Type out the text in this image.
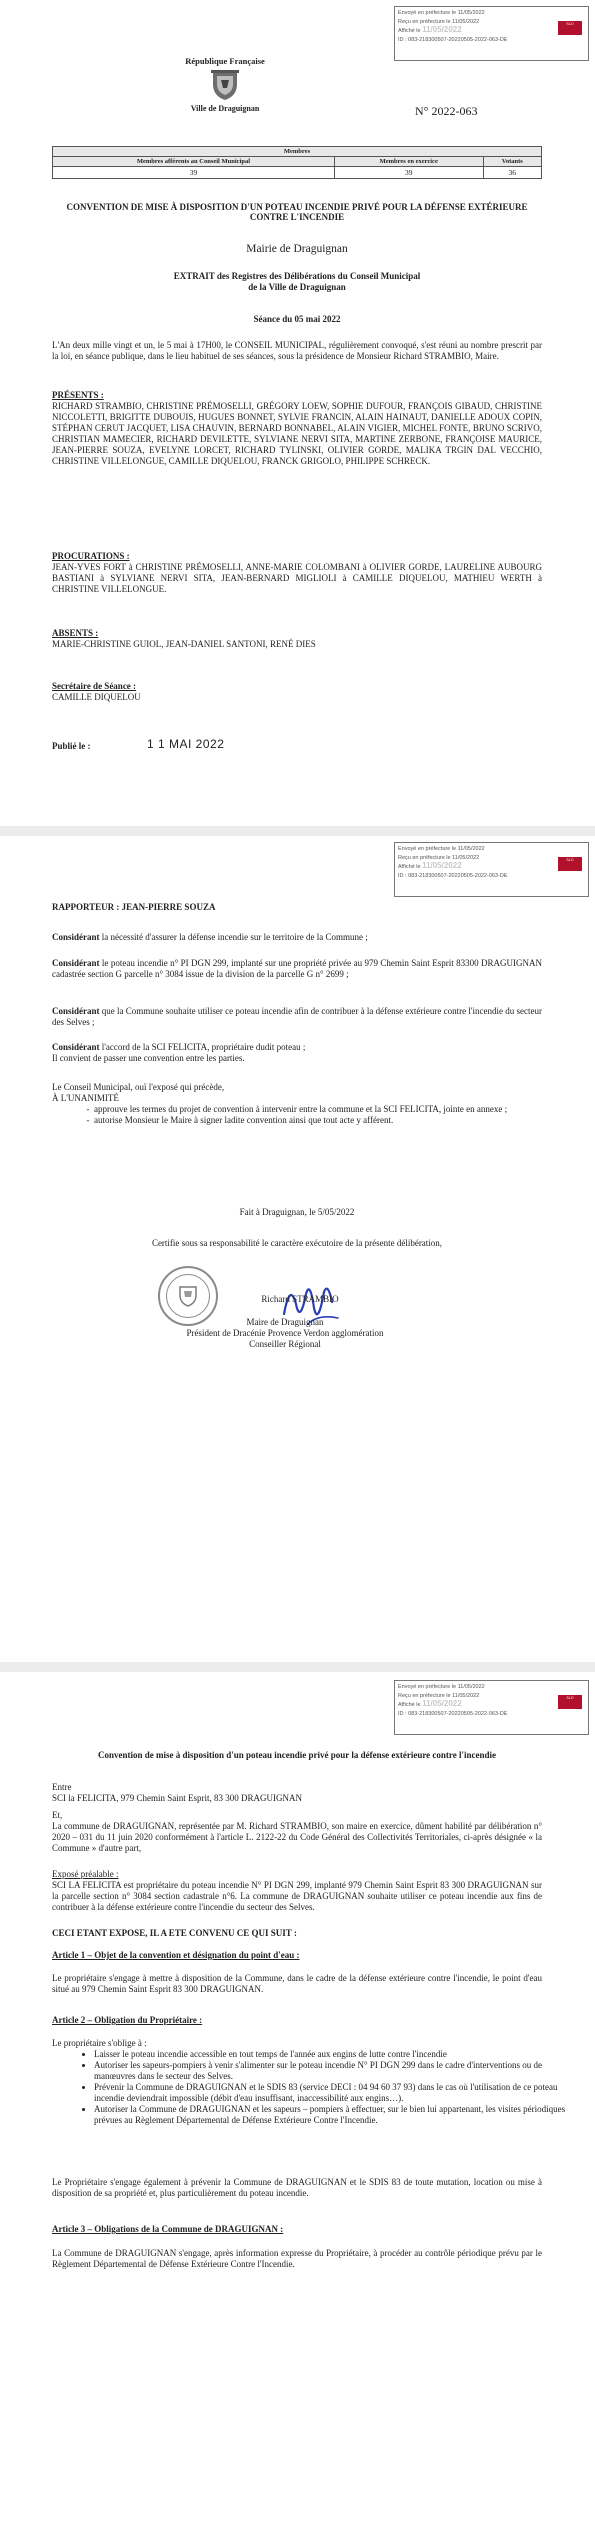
Envoyé en préfecture le 11/05/2022
Reçu en préfecture le 11/05/2022
Affiché le 11/05/2022
ID : 083-218300507-20220505-2022-063-DE
SLO
République Française
Ville de Draguignan	N° 2022-063
Membres		
Membres afférents au Conseil Municipal	Membres en exercice	Votants
39	39	36
CONVENTION DE MISE À DISPOSITION D'UN POTEAU INCENDIE PRIVÉ POUR LA DÉFENSE EXTÉRIEURE CONTRE L'INCENDIE
Mairie de Draguignan
EXTRAIT des Registres des Délibérations du Conseil Municipal
de la Ville de Draguignan
Séance du 05 mai 2022
L'An deux mille vingt et un, le 5 mai à 17H00, le CONSEIL MUNICIPAL, régulièrement convoqué, s'est réuni au nombre prescrit par la loi, en séance publique, dans le lieu habituel de ses séances, sous la présidence de Monsieur Richard STRAMBIO, Maire.
PRÉSENTS :
RICHARD STRAMBIO, CHRISTINE PRÉMOSELLI, GRÉGORY LOEW, SOPHIE DUFOUR, FRANÇOIS GIBAUD, CHRISTINE NICCOLETTI, BRIGITTE DUBOUIS, HUGUES BONNET, SYLVIE FRANCIN, ALAIN HAINAUT, DANIELLE ADOUX COPIN, STÉPHAN CERUT JACQUET, LISA CHAUVIN, BERNARD BONNABEL, ALAIN VIGIER, MICHEL FONTE, BRUNO SCRIVO, CHRISTIAN MAMECIER, RICHARD DEVILETTE, SYLVIANE NERVI SITA, MARTINE ZERBONE, FRANÇOISE MAURICE, JEAN-PIERRE SOUZA, EVELYNE LORCET, RICHARD TYLINSKI, OLIVIER GORDE, MALIKA TRGIN DAL VECCHIO, CHRISTINE VILLELONGUE, CAMILLE DIQUELOU, FRANCK GRIGOLO, PHILIPPE SCHRECK.
PROCURATIONS :
JEAN-YVES FORT à CHRISTINE PRÉMOSELLI, ANNE-MARIE COLOMBANI à OLIVIER GORDE, LAURELINE AUBOURG BASTIANI à SYLVIANE NERVI SITA, JEAN-BERNARD MIGLIOLI à CAMILLE DIQUELOU, MATHIEU WERTH à CHRISTINE VILLELONGUE.
ABSENTS :
MARIE-CHRISTINE GUIOL, JEAN-DANIEL SANTONI, RENÉ DIES
Secrétaire de Séance :
CAMILLE DIQUELOU
Publié le :	1 1 MAI 2022
Envoyé en préfecture le 11/05/2022
Reçu en préfecture le 11/05/2022
Affiché le 11/05/2022
ID : 083-218300507-20220505-2022-063-DE
SLO
RAPPORTEUR : JEAN-PIERRE SOUZA
Considérant la nécessité d'assurer la défense incendie sur le territoire de la Commune ;
Considérant le poteau incendie n° PI DGN 299, implanté sur une propriété privée au 979 Chemin Saint Esprit 83300 DRAGUIGNAN cadastrée section G parcelle n° 3084 issue de la division de la parcelle G n° 2699 ;
Considérant que la Commune souhaite utiliser ce poteau incendie afin de contribuer à la défense extérieure contre l'incendie du secteur des Selves ;
Considérant l'accord de la SCI FELICITA, propriétaire dudit poteau ;
Il convient de passer une convention entre les parties.
Le Conseil Municipal, ouï l'exposé qui précède,
À L'UNANIMITÉ
- approuve les termes du projet de convention à intervenir entre la commune et la SCI FELICITA, jointe en annexe ;
- autorise Monsieur le Maire à signer ladite convention ainsi que tout acte y afférent.
Fait à Draguignan, le 5/05/2022
Certifie sous sa responsabilité le caractère exécutoire de la présente délibération,
Richard STRAMBIO
Maire de Draguignan
Président de Dracénie Provence Verdon agglomération
Conseiller Régional
Envoyé en préfecture le 11/05/2022
Reçu en préfecture le 11/05/2022
Affiché le 11/05/2022
ID : 083-218300507-20220505-2022-063-DE
SLO
Convention de mise à disposition d'un poteau incendie privé pour la défense extérieure contre l'incendie
Entre
SCI la FELICITA, 979 Chemin Saint Esprit, 83 300 DRAGUIGNAN
Et,
La commune de DRAGUIGNAN, représentée par M. Richard STRAMBIO, son maire en exercice, dûment habilité par délibération n° 2020 – 031 du 11 juin 2020 conformément à l'article L. 2122-22 du Code Général des Collectivités Territoriales, ci-après désignée « la Commune » d'autre part,
Exposé préalable :
SCI LA FELICITA est propriétaire du poteau incendie N° PI DGN 299, implanté 979 Chemin Saint Esprit 83 300 DRAGUIGNAN sur la parcelle section n° 3084 section cadastrale n°6. La commune de DRAGUIGNAN souhaite utiliser ce poteau incendie aux fins de contribuer à la défense extérieure contre l'incendie du secteur des Selves.
CECI ETANT EXPOSE, IL A ETE CONVENU CE QUI SUIT :
Article 1 – Objet de la convention et désignation du point d'eau :
Le propriétaire s'engage à mettre à disposition de la Commune, dans le cadre de la défense extérieure contre l'incendie, le point d'eau situé au 979 Chemin Saint Esprit 83 300 DRAGUIGNAN.
Article 2 – Obligation du Propriétaire :
Le propriétaire s'oblige à :
• Laisser le poteau incendie accessible en tout temps de l'année aux engins de lutte contre l'incendie
• Autoriser les sapeurs-pompiers à venir s'alimenter sur le poteau incendie N° PI DGN 299 dans le cadre d'interventions ou de manœuvres dans le secteur des Selves.
• Prévenir la Commune de DRAGUIGNAN et le SDIS 83 (service DECI : 04 94 60 37 93) dans le cas où l'utilisation de ce poteau incendie deviendrait impossible (débit d'eau insuffisant, inaccessibilité aux engins…).
• Autoriser la Commune de DRAGUIGNAN et les sapeurs – pompiers à effectuer, sur le bien lui appartenant, les visites périodiques prévues au Règlement Départemental de Défense Extérieure Contre l'Incendie.
Le Propriétaire s'engage également à prévenir la Commune de DRAGUIGNAN et le SDIS 83 de toute mutation, location ou mise à disposition de sa propriété et, plus particulièrement du poteau incendie.
Article 3 – Obligations de la Commune de DRAGUIGNAN :
La Commune de DRAGUIGNAN s'engage, après information expresse du Propriétaire, à procéder au contrôle périodique prévu par le Règlement Départemental de Défense Extérieure Contre l'Incendie.
